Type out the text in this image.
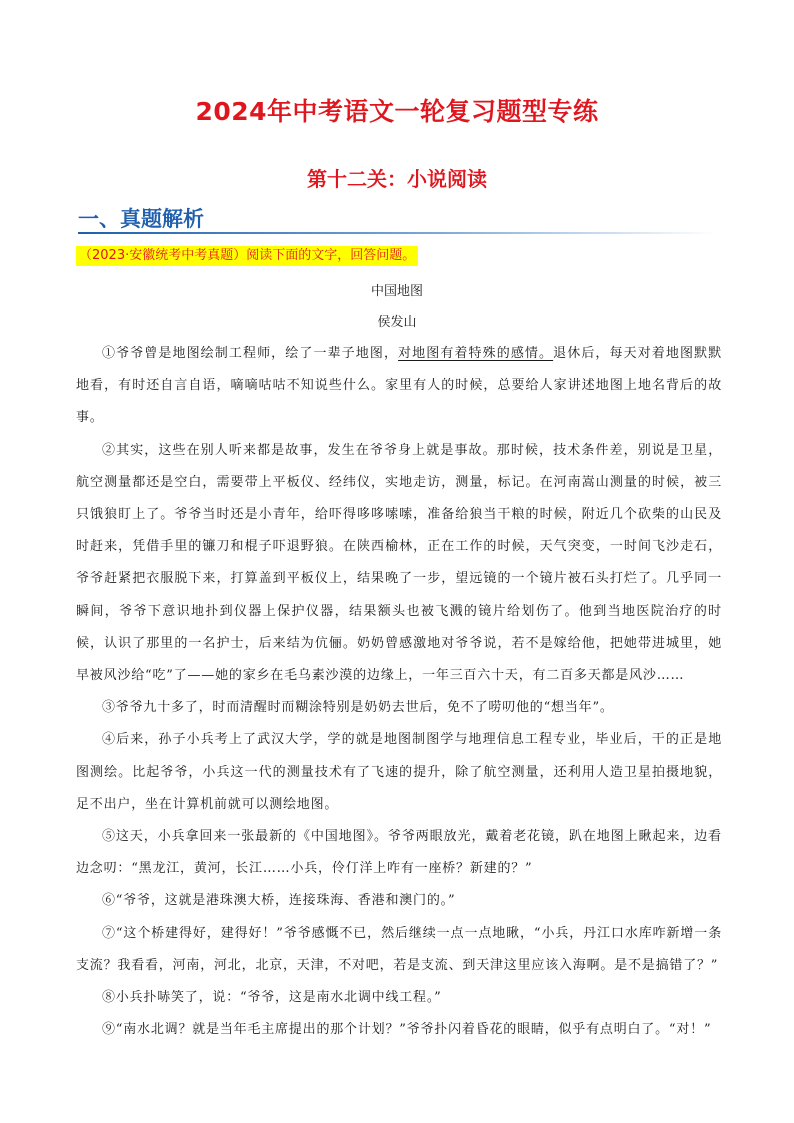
2024年中考语文一轮复习题型专练
第十二关：小说阅读
一、真题解析
（2023·安徽统考中考真题）阅读下面的文字，回答问题。
中国地图
侯发山

①爷爷曾是地图绘制工程师，绘了一辈子地图，对地图有着特殊的感情。退休后，每天对着地图默默地看，有时还自言自语，嘀嘀咕咕不知说些什么。家里有人的时候，总要给人家讲述地图上地名背后的故事。

②其实，这些在别人听来都是故事，发生在爷爷身上就是事故。那时候，技术条件差，别说是卫星，航空测量都还是空白，需要带上平板仪、经纬仪，实地走访，测量，标记。在河南嵩山测量的时候，被三只饿狼盯上了。爷爷当时还是小青年，给吓得哆哆嗦嗦，准备给狼当干粮的时候，附近几个砍柴的山民及时赶来，凭借手里的镰刀和棍子吓退野狼。在陕西榆林，正在工作的时候，天气突变，一时间飞沙走石，爷爷赶紧把衣服脱下来，打算盖到平板仪上，结果晚了一步，望远镜的一个镜片被石头打烂了。几乎同一瞬间，爷爷下意识地扑到仪器上保护仪器，结果额头也被飞溅的镜片给划伤了。他到当地医院治疗的时候，认识了那里的一名护士，后来结为伉俪。奶奶曾感激地对爷爷说，若不是嫁给他，把她带进城里，她早被风沙给“吃”了——她的家乡在毛乌素沙漠的边缘上，一年三百六十天，有二百多天都是风沙……

③爷爷九十多了，时而清醒时而糊涂特别是奶奶去世后，免不了唠叨他的“想当年”。

④后来，孙子小兵考上了武汉大学，学的就是地图制图学与地理信息工程专业，毕业后，干的正是地图测绘。比起爷爷，小兵这一代的测量技术有了飞速的提升，除了航空测量，还利用人造卫星拍摄地貌，足不出户，坐在计算机前就可以测绘地图。

⑤这天，小兵拿回来一张最新的《中国地图》。爷爷两眼放光，戴着老花镜，趴在地图上瞅起来，边看边念叨：“黑龙江，黄河，长江……小兵，伶仃洋上咋有一座桥？新建的？”

⑥“爷爷，这就是港珠澳大桥，连接珠海、香港和澳门的。”

⑦“这个桥建得好，建得好！”爷爷感慨不已，然后继续一点一点地瞅，“小兵，丹江口水库咋新增一条支流？我看看，河南，河北，北京，天津，不对吧，若是支流、到天津这里应该入海啊。是不是搞错了？”

⑧小兵扑哧笑了，说：“爷爷，这是南水北调中线工程。”

⑨“南水北调？就是当年毛主席提出的那个计划？”爷爷扑闪着昏花的眼睛，似乎有点明白了。“对！”
